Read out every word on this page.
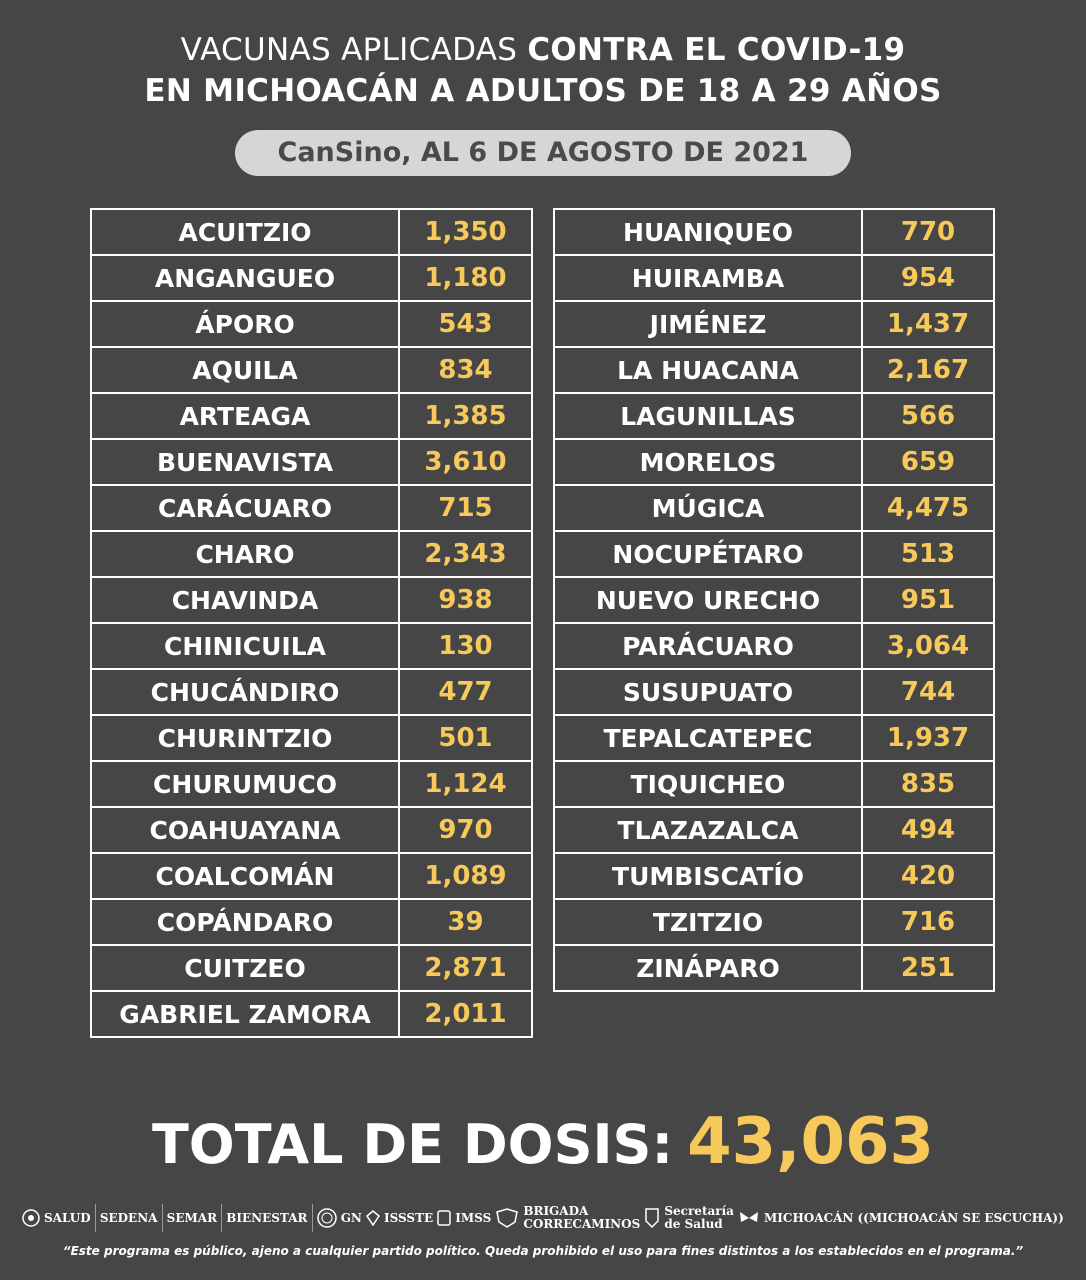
VACUNAS APLICADAS CONTRA EL COVID-19
EN MICHOACÁN A ADULTOS DE 18 A 29 AÑOS
CanSino, AL 6 DE AGOSTO DE 2021
ACUITZIO	1,350
ANGANGUEO	1,180
ÁPORO	543
AQUILA	834
ARTEAGA	1,385
BUENAVISTA	3,610
CARÁCUARO	715
CHARO	2,343
CHAVINDA	938
CHINICUILA	130
CHUCÁNDIRO	477
CHURINTZIO	501
CHURUMUCO	1,124
COAHUAYANA	970
COALCOMÁN	1,089
COPÁNDARO	39
CUITZEO	2,871
GABRIEL ZAMORA	2,011
HUANIQUEO	770
HUIRAMBA	954
JIMÉNEZ	1,437
LA HUACANA	2,167
LAGUNILLAS	566
MORELOS	659
MÚGICA	4,475
NOCUPÉTARO	513
NUEVO URECHO	951
PARÁCUARO	3,064
SUSUPUATO	744
TEPALCATEPEC	1,937
TIQUICHEO	835
TLAZAZALCA	494
TUMBISCATÍO	420
TZITZIO	716
ZINÁPARO	251
TOTAL DE DOSIS: 43,063
SALUD SEDENA SEMAR BIENESTAR	GN ISSSTE IMSS	BRIGADA
CORRECAMINOS
Secretaría
de Salud	MICHOACÁN ((MICHOACÁN SE ESCUCHA))
“Este programa es público, ajeno a cualquier partido político. Queda prohibido el uso para fines distintos a los establecidos en el programa.”
